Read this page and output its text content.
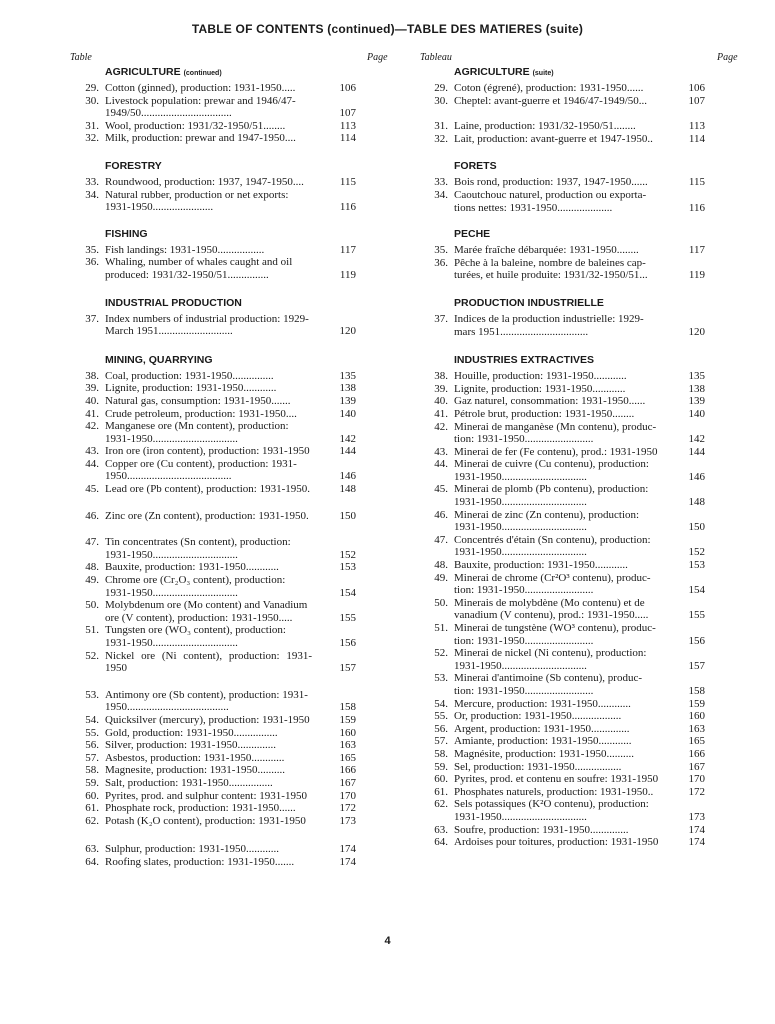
TABLE OF CONTENTS (continued)—TABLE DES MATIERES (suite)
Table	Page	Tableau	Page
AGRICULTURE (continued)
29. Cotton (ginned), production: 1931-1950.....	106
30. Livestock population: prewar and 1946/47-
1949/50.................................	107
31. Wool, production: 1931/32-1950/51........	113
32. Milk, production: prewar and 1947-1950....	114
FORESTRY
33. Roundwood, production: 1937, 1947-1950....	115
34. Natural rubber, production or net exports:
1931-1950......................	116
FISHING
35. Fish landings: 1931-1950.................	117
36. Whaling, number of whales caught and oil
produced: 1931/32-1950/51...............	119
INDUSTRIAL PRODUCTION
37. Index numbers of industrial production: 1929-
March 1951...........................	120
MINING, QUARRYING
38. Coal, production: 1931-1950...............	135
39. Lignite, production: 1931-1950............	138
40. Natural gas, consumption: 1931-1950.......	139
41. Crude petroleum, production: 1931-1950....	140
42. Manganese ore (Mn content), production:
1931-1950...............................	142
43. Iron ore (iron content), production: 1931-1950	144
44. Copper ore (Cu content), production: 1931-
1950......................................	146
45. Lead ore (Pb content), production: 1931-1950.	148
46. Zinc ore (Zn content), production: 1931-1950.	150
47. Tin concentrates (Sn content), production:
1931-1950...............................	152
48. Bauxite, production: 1931-1950............	153
49. Chrome ore (Cr₂O₃ content), production:
1931-1950...............................	154
50. Molybdenum ore (Mo content) and Vanadium
ore (V content), production: 1931-1950.....	155
51. Tungsten ore (WO₃ content), production:
1931-1950...............................	156
52. Nickel ore (Ni content), production: 1931-1950	157
53. Antimony ore (Sb content), production: 1931-
1950.....................................	158
54. Quicksilver (mercury), production: 1931-1950	159
55. Gold, production: 1931-1950................	160
56. Silver, production: 1931-1950..............	163
57. Asbestos, production: 1931-1950............	165
58. Magnesite, production: 1931-1950..........	166
59. Salt, production: 1931-1950................	167
60. Pyrites, prod. and sulphur content: 1931-1950	170
61. Phosphate rock, production: 1931-1950......	172
62. Potash (K₂O content), production: 1931-1950	173
63. Sulphur, production: 1931-1950............	174
64. Roofing slates, production: 1931-1950.......	174
AGRICULTURE (suite)
29. Coton (égrené), production: 1931-1950......	106
30. Cheptel: avant-guerre et 1946/47-1949/50...	107
31. Laine, production: 1931/32-1950/51........	113
32. Lait, production: avant-guerre et 1947-1950..	114
FORETS
33. Bois rond, production: 1937, 1947-1950......	115
34. Caoutchouc naturel, production ou exporta-
tions nettes: 1931-1950....................	116
PECHE
35. Marée fraîche débarquée: 1931-1950........	117
36. Pêche à la baleine, nombre de baleines cap-
turées, et huile produite: 1931/32-1950/51...	119
PRODUCTION INDUSTRIELLE
37. Indices de la production industrielle: 1929-
mars 1951................................	120
INDUSTRIES EXTRACTIVES
38. Houille, production: 1931-1950............	135
39. Lignite, production: 1931-1950............	138
40. Gaz naturel, consommation: 1931-1950......	139
41. Pétrole brut, production: 1931-1950........	140
42. Minerai de manganèse (Mn contenu), produc-
tion: 1931-1950.........................	142
43. Minerai de fer (Fe contenu), prod.: 1931-1950	144
44. Minerai de cuivre (Cu contenu), production:
1931-1950...............................	146
45. Minerai de plomb (Pb contenu), production:
1931-1950...............................	148
46. Minerai de zinc (Zn contenu), production:
1931-1950...............................	150
47. Concentrés d'étain (Sn contenu), production:
1931-1950...............................	152
48. Bauxite, production: 1931-1950............	153
49. Minerai de chrome (Cr²O³ contenu), produc-
tion: 1931-1950.........................	154
50. Minerais de molybdène (Mo contenu) et de
vanadium (V contenu), prod.: 1931-1950.....	155
51. Minerai de tungstène (WO³ contenu), produc-
tion: 1931-1950.........................	156
52. Minerai de nickel (Ni contenu), production:
1931-1950...............................	157
53. Minerai d'antimoine (Sb contenu), produc-
tion: 1931-1950.........................	158
54. Mercure, production: 1931-1950............	159
55. Or, production: 1931-1950..................	160
56. Argent, production: 1931-1950..............	163
57. Amiante, production: 1931-1950............	165
58. Magnésite, production: 1931-1950..........	166
59. Sel, production: 1931-1950.................	167
60. Pyrites, prod. et contenu en soufre: 1931-1950	170
61. Phosphates naturels, production: 1931-1950..	172
62. Sels potassiques (K²O contenu), production:
1931-1950...............................	173
63. Soufre, production: 1931-1950..............	174
64. Ardoises pour toitures, production: 1931-1950	174
4
